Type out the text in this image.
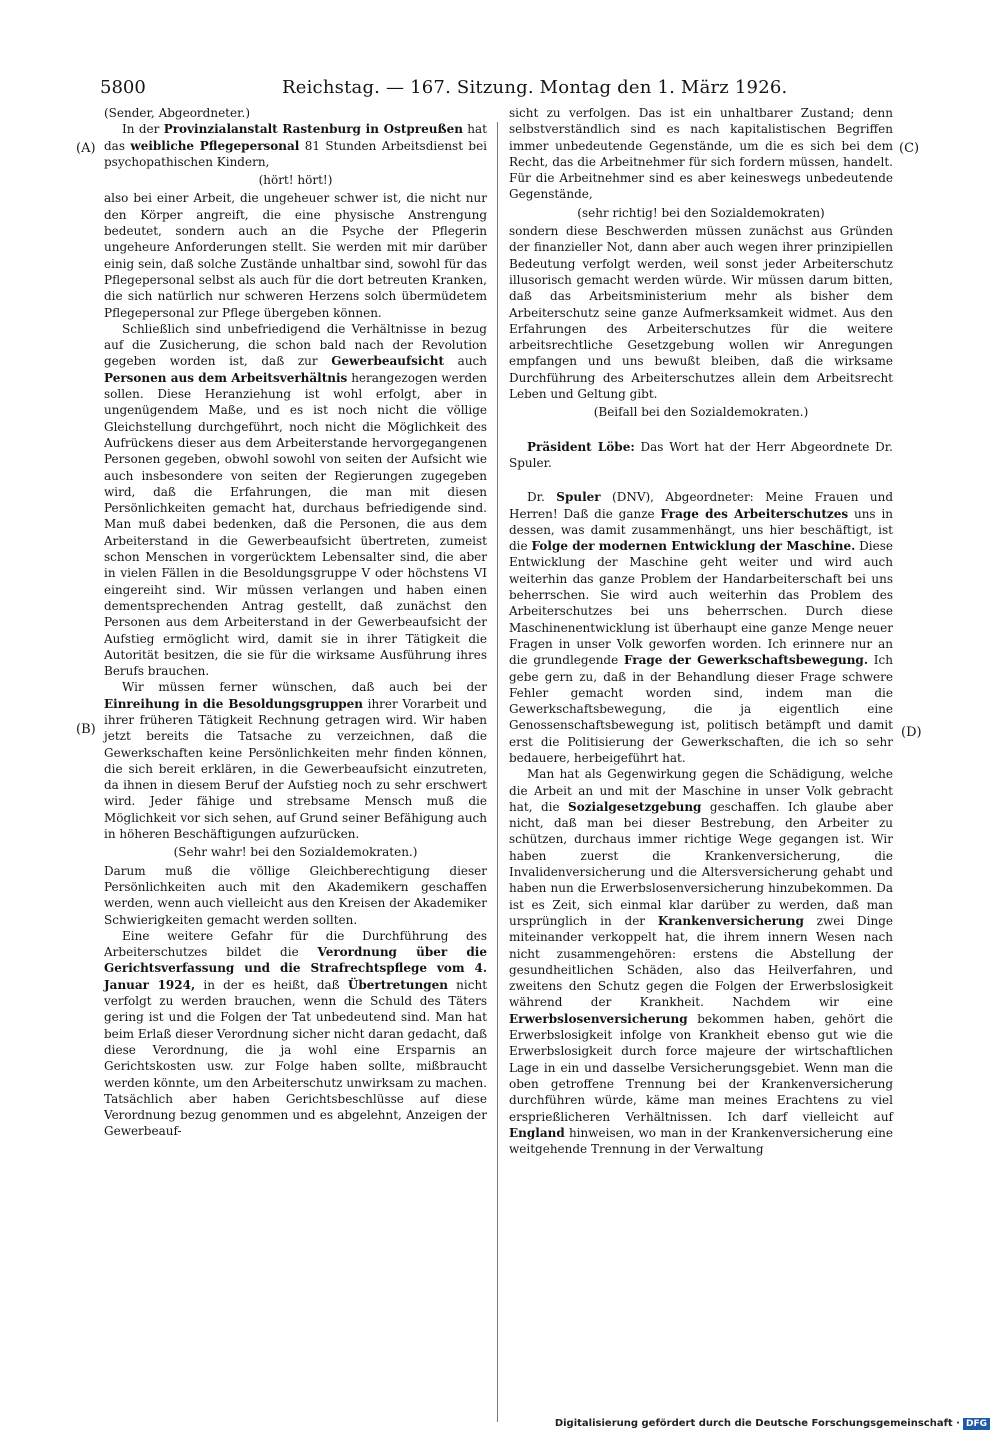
5800	Reichstag. — 167. Sitzung. Montag den 1. März 1926.
(A)
(B)
(C)
(D)

(Sender, Abgeordneter.)

In der Provinzialanstalt Rastenburg in Ostpreußen hat das weibliche Pflegepersonal 81 Stunden Arbeitsdienst bei psychopathischen Kindern,

(hört! hört!)

also bei einer Arbeit, die ungeheuer schwer ist, die nicht nur den Körper angreift, die eine physische Anstrengung bedeutet, sondern auch an die Psyche der Pflegerin ungeheure Anforderungen stellt. Sie werden mit mir darüber einig sein, daß solche Zustände unhaltbar sind, sowohl für das Pflegepersonal selbst als auch für die dort betreuten Kranken, die sich natürlich nur schweren Herzens solch übermüdetem Pflegepersonal zur Pflege übergeben können.

Schließlich sind unbefriedigend die Verhältnisse in bezug auf die Zusicherung, die schon bald nach der Revolution gegeben worden ist, daß zur Gewerbeaufsicht auch Personen aus dem Arbeitsverhältnis herangezogen werden sollen. Diese Heranziehung ist wohl erfolgt, aber in ungenügendem Maße, und es ist noch nicht die völlige Gleichstellung durchgeführt, noch nicht die Möglichkeit des Aufrückens dieser aus dem Arbeiterstande hervorgegangenen Personen gegeben, obwohl sowohl von seiten der Aufsicht wie auch insbesondere von seiten der Regierungen zugegeben wird, daß die Erfahrungen, die man mit diesen Persönlichkeiten gemacht hat, durchaus befriedigende sind. Man muß dabei bedenken, daß die Personen, die aus dem Arbeiterstand in die Gewerbeaufsicht übertreten, zumeist schon Menschen in vorgerücktem Lebensalter sind, die aber in vielen Fällen in die Besoldungsgruppe V oder höchstens VI eingereiht sind. Wir müssen verlangen und haben einen dementsprechenden Antrag gestellt, daß zunächst den Personen aus dem Arbeiterstand in der Gewerbeaufsicht der Aufstieg ermöglicht wird, damit sie in ihrer Tätigkeit die Autorität besitzen, die sie für die wirksame Ausführung ihres Berufs brauchen.

Wir müssen ferner wünschen, daß auch bei der Einreihung in die Besoldungsgruppen ihrer Vorarbeit und ihrer früheren Tätigkeit Rechnung getragen wird. Wir haben jetzt bereits die Tatsache zu verzeichnen, daß die Gewerkschaften keine Persönlichkeiten mehr finden können, die sich bereit erklären, in die Gewerbeaufsicht einzutreten, da ihnen in diesem Beruf der Aufstieg noch zu sehr erschwert wird. Jeder fähige und strebsame Mensch muß die Möglichkeit vor sich sehen, auf Grund seiner Befähigung auch in höheren Beschäftigungen aufzurücken.

(Sehr wahr! bei den Sozialdemokraten.)

Darum muß die völlige Gleichberechtigung dieser Persönlichkeiten auch mit den Akademikern geschaffen werden, wenn auch vielleicht aus den Kreisen der Akademiker Schwierigkeiten gemacht werden sollten.

Eine weitere Gefahr für die Durchführung des Arbeiterschutzes bildet die Verordnung über die Gerichtsverfassung und die Strafrechtspflege vom 4. Januar 1924, in der es heißt, daß Übertretungen nicht verfolgt zu werden brauchen, wenn die Schuld des Täters gering ist und die Folgen der Tat unbedeutend sind. Man hat beim Erlaß dieser Verordnung sicher nicht daran gedacht, daß diese Verordnung, die ja wohl eine Ersparnis an Gerichtskosten usw. zur Folge haben sollte, mißbraucht werden könnte, um den Arbeiterschutz unwirksam zu machen. Tatsächlich aber haben Gerichtsbeschlüsse auf diese Verordnung bezug genommen und es abgelehnt, Anzeigen der Gewerbeauf-

sicht zu verfolgen. Das ist ein unhaltbarer Zustand; denn selbstverständlich sind es nach kapitalistischen Begriffen immer unbedeutende Gegenstände, um die es sich bei dem Recht, das die Arbeitnehmer für sich fordern müssen, handelt. Für die Arbeitnehmer sind es aber keineswegs unbedeutende Gegenstände,

(sehr richtig! bei den Sozialdemokraten)

sondern diese Beschwerden müssen zunächst aus Gründen der finanzieller Not, dann aber auch wegen ihrer prinzipiellen Bedeutung verfolgt werden, weil sonst jeder Arbeiterschutz illusorisch gemacht werden würde. Wir müssen darum bitten, daß das Arbeitsministerium mehr als bisher dem Arbeiterschutz seine ganze Aufmerksamkeit widmet. Aus den Erfahrungen des Arbeiterschutzes für die weitere arbeitsrechtliche Gesetzgebung wollen wir Anregungen empfangen und uns bewußt bleiben, daß die wirksame Durchführung des Arbeiterschutzes allein dem Arbeitsrecht Leben und Geltung gibt.

(Beifall bei den Sozialdemokraten.)

Präsident Löbe: Das Wort hat der Herr Abgeordnete Dr. Spuler.

Dr. Spuler (DNV), Abgeordneter: Meine Frauen und Herren! Daß die ganze Frage des Arbeiterschutzes uns in dessen, was damit zusammenhängt, uns hier beschäftigt, ist die Folge der modernen Entwicklung der Maschine. Diese Entwicklung der Maschine geht weiter und wird auch weiterhin das ganze Problem der Handarbeiterschaft bei uns beherrschen. Sie wird auch weiterhin das Problem des Arbeiterschutzes bei uns beherrschen. Durch diese Maschinenentwicklung ist überhaupt eine ganze Menge neuer Fragen in unser Volk geworfen worden. Ich erinnere nur an die grundlegende Frage der Gewerkschaftsbewegung. Ich gebe gern zu, daß in der Behandlung dieser Frage schwere Fehler gemacht worden sind, indem man die Gewerkschaftsbewegung, die ja eigentlich eine Genossenschaftsbewegung ist, politisch betämpft und damit erst die Politisierung der Gewerkschaften, die ich so sehr bedauere, herbeigeführt hat.

Man hat als Gegenwirkung gegen die Schädigung, welche die Arbeit an und mit der Maschine in unser Volk gebracht hat, die Sozialgesetzgebung geschaffen. Ich glaube aber nicht, daß man bei dieser Bestrebung, den Arbeiter zu schützen, durchaus immer richtige Wege gegangen ist. Wir haben zuerst die Krankenversicherung, die Invalidenversicherung und die Altersversicherung gehabt und haben nun die Erwerbslosenversicherung hinzubekommen. Da ist es Zeit, sich einmal klar darüber zu werden, daß man ursprünglich in der Krankenversicherung zwei Dinge miteinander verkoppelt hat, die ihrem innern Wesen nach nicht zusammengehören: erstens die Abstellung der gesundheitlichen Schäden, also das Heilverfahren, und zweitens den Schutz gegen die Folgen der Erwerbslosigkeit während der Krankheit. Nachdem wir eine Erwerbslosenversicherung bekommen haben, gehört die Erwerbslosigkeit infolge von Krankheit ebenso gut wie die Erwerbslosigkeit durch force majeure der wirtschaftlichen Lage in ein und dasselbe Versicherungsgebiet. Wenn man die oben getroffene Trennung bei der Krankenversicherung durchführen würde, käme man meines Erachtens zu viel ersprießlicheren Verhältnissen. Ich darf vielleicht auf England hinweisen, wo man in der Krankenversicherung eine weitgehende Trennung in der Verwaltung

Digitalisierung gefördert durch die Deutsche Forschungsgemeinschaft · DFG
